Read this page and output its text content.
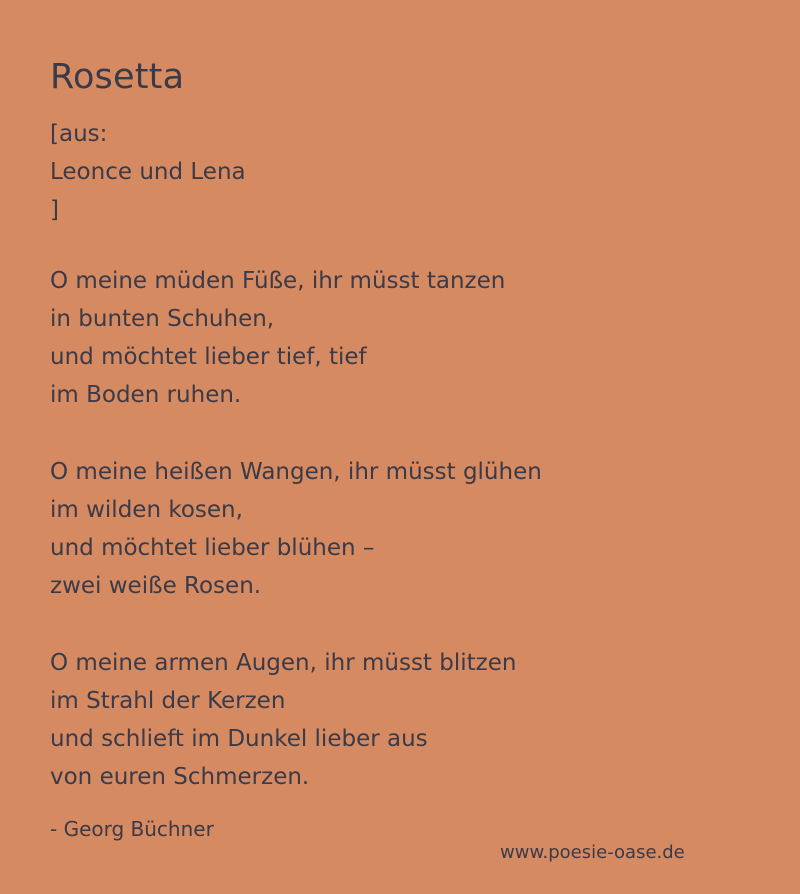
Rosetta
[aus:
Leonce und Lena
]
O meine müden Füße, ihr müsst tanzen
in bunten Schuhen,
und möchtet lieber tief, tief
im Boden ruhen.
O meine heißen Wangen, ihr müsst glühen
im wilden kosen,
und möchtet lieber blühen –
zwei weiße Rosen.
O meine armen Augen, ihr müsst blitzen
im Strahl der Kerzen
und schlieft im Dunkel lieber aus
von euren Schmerzen.
- Georg Büchner
www.poesie-oase.de
